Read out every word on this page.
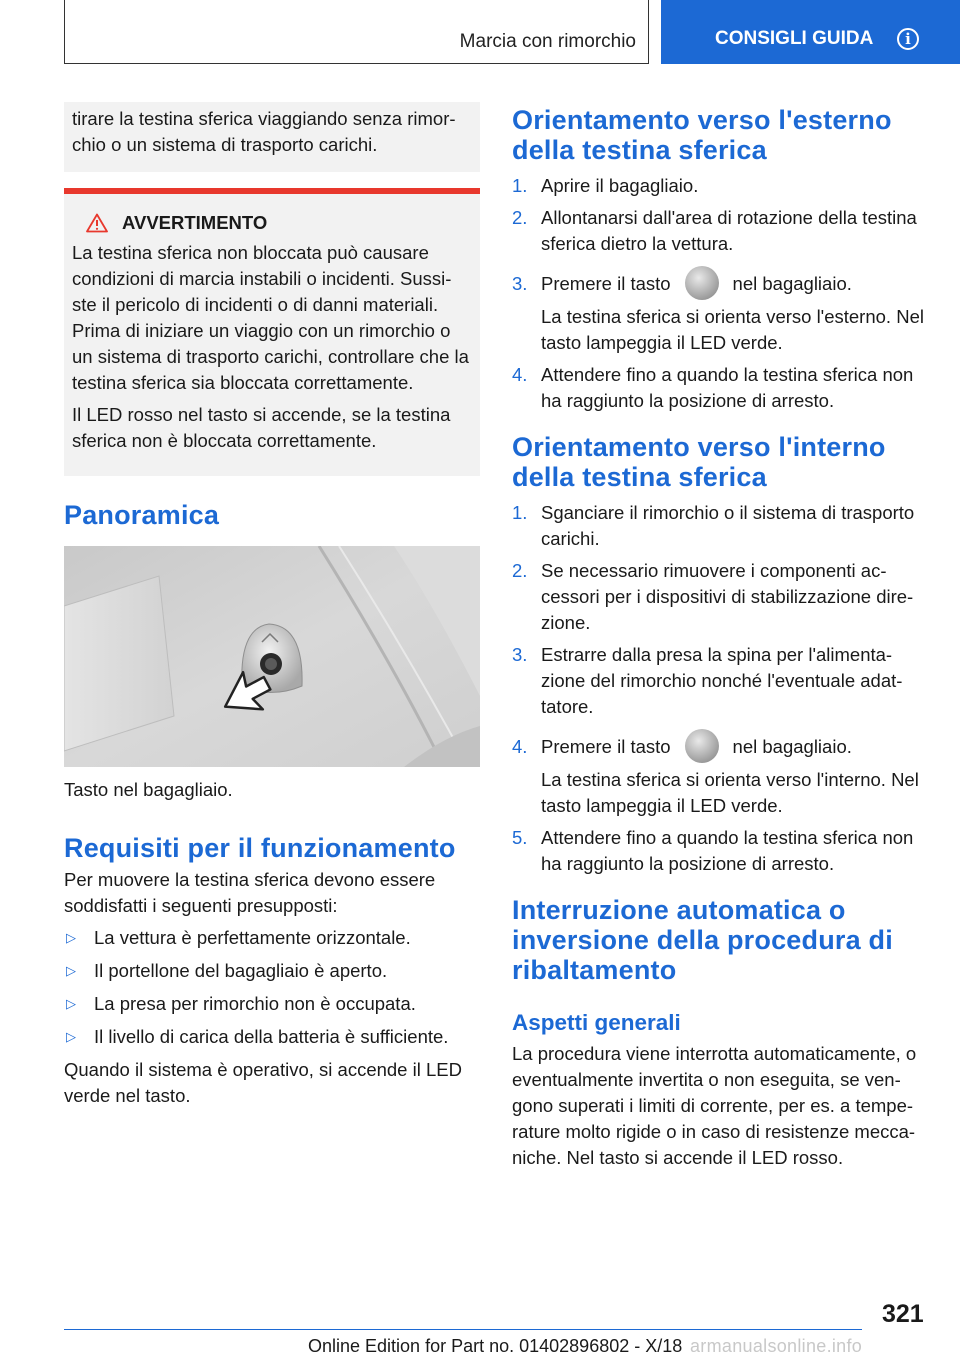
Marcia con rimorchio	CONSIGLI GUIDA	i

tirare la testina sferica viaggiando senza rimor-chio o un sistema di trasporto carichi.

AVVERTIMENTO

La testina sferica non bloccata può causare condizioni di marcia instabili o incidenti. Sussi-ste il pericolo di incidenti o di danni materiali. Prima di iniziare un viaggio con un rimorchio o un sistema di trasporto carichi, controllare che la testina sferica sia bloccata correttamente.

Il LED rosso nel tasto si accende, se la testina sferica non è bloccata correttamente.

Panoramica
Tasto nel bagagliaio.
Requisiti per il funzionamento

Per muovere la testina sferica devono essere soddisfatti i seguenti presupposti:

▷ La vettura è perfettamente orizzontale.
▷ Il portellone del bagagliaio è aperto.
▷ La presa per rimorchio non è occupata.
▷ Il livello di carica della batteria è sufficiente.

Quando il sistema è operativo, si accende il LED verde nel tasto.

Orientamento verso l'esterno della testina sferica
1. Aprire il bagagliaio.
2. Allontanarsi dall'area di rotazione della testina sferica dietro la vettura.
3. Premere il tasto	nel bagagliaio.
La testina sferica si orienta verso l'esterno. Nel tasto lampeggia il LED verde.
4. Attendere fino a quando la testina sferica non ha raggiunto la posizione di arresto.
Orientamento verso l'interno della testina sferica
1. Sganciare il rimorchio o il sistema di trasporto carichi.
2. Se necessario rimuovere i componenti ac-cessori per i dispositivi di stabilizzazione dire-zione.
3. Estrarre dalla presa la spina per l'alimenta-zione del rimorchio nonché l'eventuale adat-tatore.
4. Premere il tasto	nel bagagliaio.
La testina sferica si orienta verso l'interno. Nel tasto lampeggia il LED verde.
5. Attendere fino a quando la testina sferica non ha raggiunto la posizione di arresto.
Interruzione automatica o inversione della procedura di ribaltamento
Aspetti generali

La procedura viene interrotta automaticamente, o eventualmente invertita o non eseguita, se ven-gono superati i limiti di corrente, per es. a tempe-rature molto rigide o in caso di resistenze mecca-niche. Nel tasto si accende il LED rosso.

321
Online Edition for Part no. 01402896802 - X/18 armanualsonline.info
